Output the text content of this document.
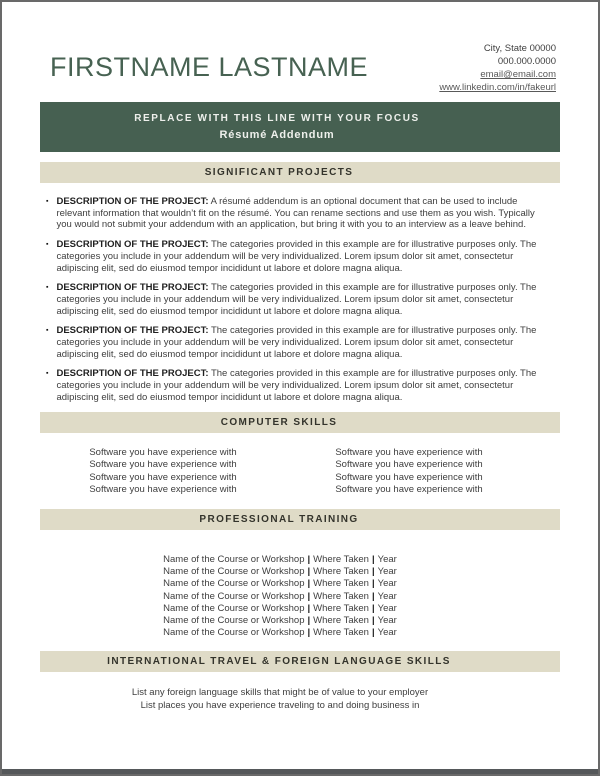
FIRSTNAME LASTNAME
City, State 00000
000.000.0000
email@email.com
www.linkedin.com/in/fakeurl
REPLACE WITH THIS LINE WITH YOUR FOCUS
Résumé Addendum
SIGNIFICANT PROJECTS
▪ DESCRIPTION OF THE PROJECT: A résumé addendum is an optional document that can be used to include relevant information that wouldn’t fit on the résumé. You can rename sections and use them as you wish. Typically you would not submit your addendum with an application, but bring it with you to an interview as a leave behind.

▪ DESCRIPTION OF THE PROJECT: The categories provided in this example are for illustrative purposes only. The categories you include in your addendum will be very individualized. Lorem ipsum dolor sit amet, consectetur adipiscing elit, sed do eiusmod tempor incididunt ut labore et dolore magna aliqua.

▪ DESCRIPTION OF THE PROJECT: The categories provided in this example are for illustrative purposes only. The categories you include in your addendum will be very individualized. Lorem ipsum dolor sit amet, consectetur adipiscing elit, sed do eiusmod tempor incididunt ut labore et dolore magna aliqua.

▪ DESCRIPTION OF THE PROJECT: The categories provided in this example are for illustrative purposes only. The categories you include in your addendum will be very individualized. Lorem ipsum dolor sit amet, consectetur adipiscing elit, sed do eiusmod tempor incididunt ut labore et dolore magna aliqua.

▪ DESCRIPTION OF THE PROJECT: The categories provided in this example are for illustrative purposes only. The categories you include in your addendum will be very individualized. Lorem ipsum dolor sit amet, consectetur adipiscing elit, sed do eiusmod tempor incididunt ut labore et dolore magna aliqua.

COMPUTER SKILLS
Software you have experience with
Software you have experience with
Software you have experience with
Software you have experience with
Software you have experience with
Software you have experience with
Software you have experience with
Software you have experience with
PROFESSIONAL TRAINING
Name of the Course or Workshop | Where Taken | Year
Name of the Course or Workshop | Where Taken | Year
Name of the Course or Workshop | Where Taken | Year
Name of the Course or Workshop | Where Taken | Year
Name of the Course or Workshop | Where Taken | Year
Name of the Course or Workshop | Where Taken | Year
Name of the Course or Workshop | Where Taken | Year
INTERNATIONAL TRAVEL & FOREIGN LANGUAGE SKILLS
List any foreign language skills that might be of value to your employer
List places you have experience traveling to and doing business in
